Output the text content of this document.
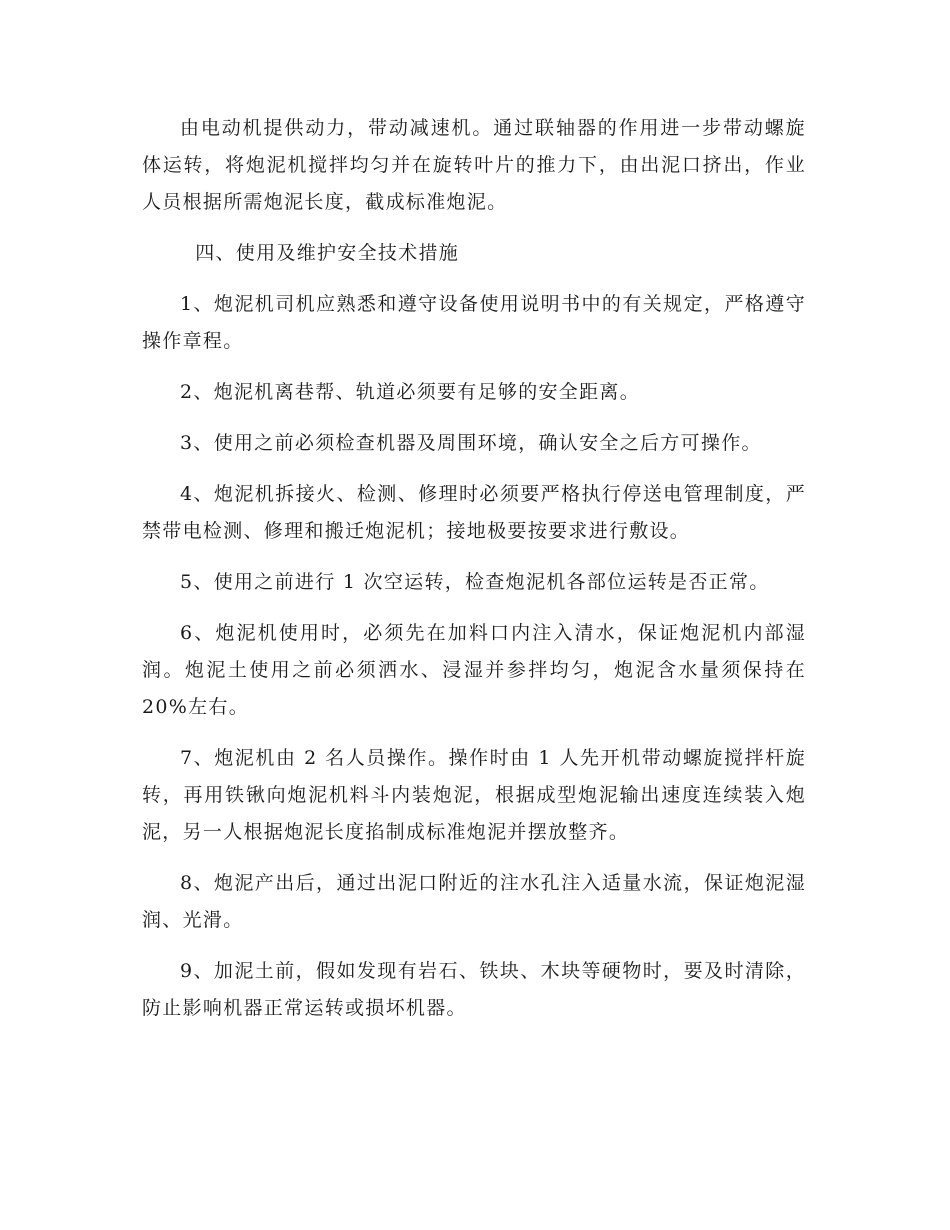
由电动机提供动力，带动减速机。通过联轴器的作用进一步带动螺旋体运转，将炮泥机搅拌均匀并在旋转叶片的推力下，由出泥口挤出，作业人员根据所需炮泥长度，截成标准炮泥。

四、使用及维护安全技术措施

1、炮泥机司机应熟悉和遵守设备使用说明书中的有关规定，严格遵守操作章程。

2、炮泥机离巷帮、轨道必须要有足够的安全距离。

3、使用之前必须检查机器及周围环境，确认安全之后方可操作。

4、炮泥机拆接火、检测、修理时必须要严格执行停送电管理制度，严禁带电检测、修理和搬迁炮泥机；接地极要按要求进行敷设。

5、使用之前进行 1 次空运转，检查炮泥机各部位运转是否正常。

6、炮泥机使用时，必须先在加料口内注入清水，保证炮泥机内部湿润。炮泥土使用之前必须洒水、浸湿并参拌均匀，炮泥含水量须保持在 20%左右。

7、炮泥机由 2 名人员操作。操作时由 1 人先开机带动螺旋搅拌杆旋转，再用铁锹向炮泥机料斗内装炮泥，根据成型炮泥输出速度连续装入炮泥，另一人根据炮泥长度掐制成标准炮泥并摆放整齐。

8、炮泥产出后，通过出泥口附近的注水孔注入适量水流，保证炮泥湿润、光滑。

9、加泥土前，假如发现有岩石、铁块、木块等硬物时，要及时清除，防止影响机器正常运转或损坏机器。
